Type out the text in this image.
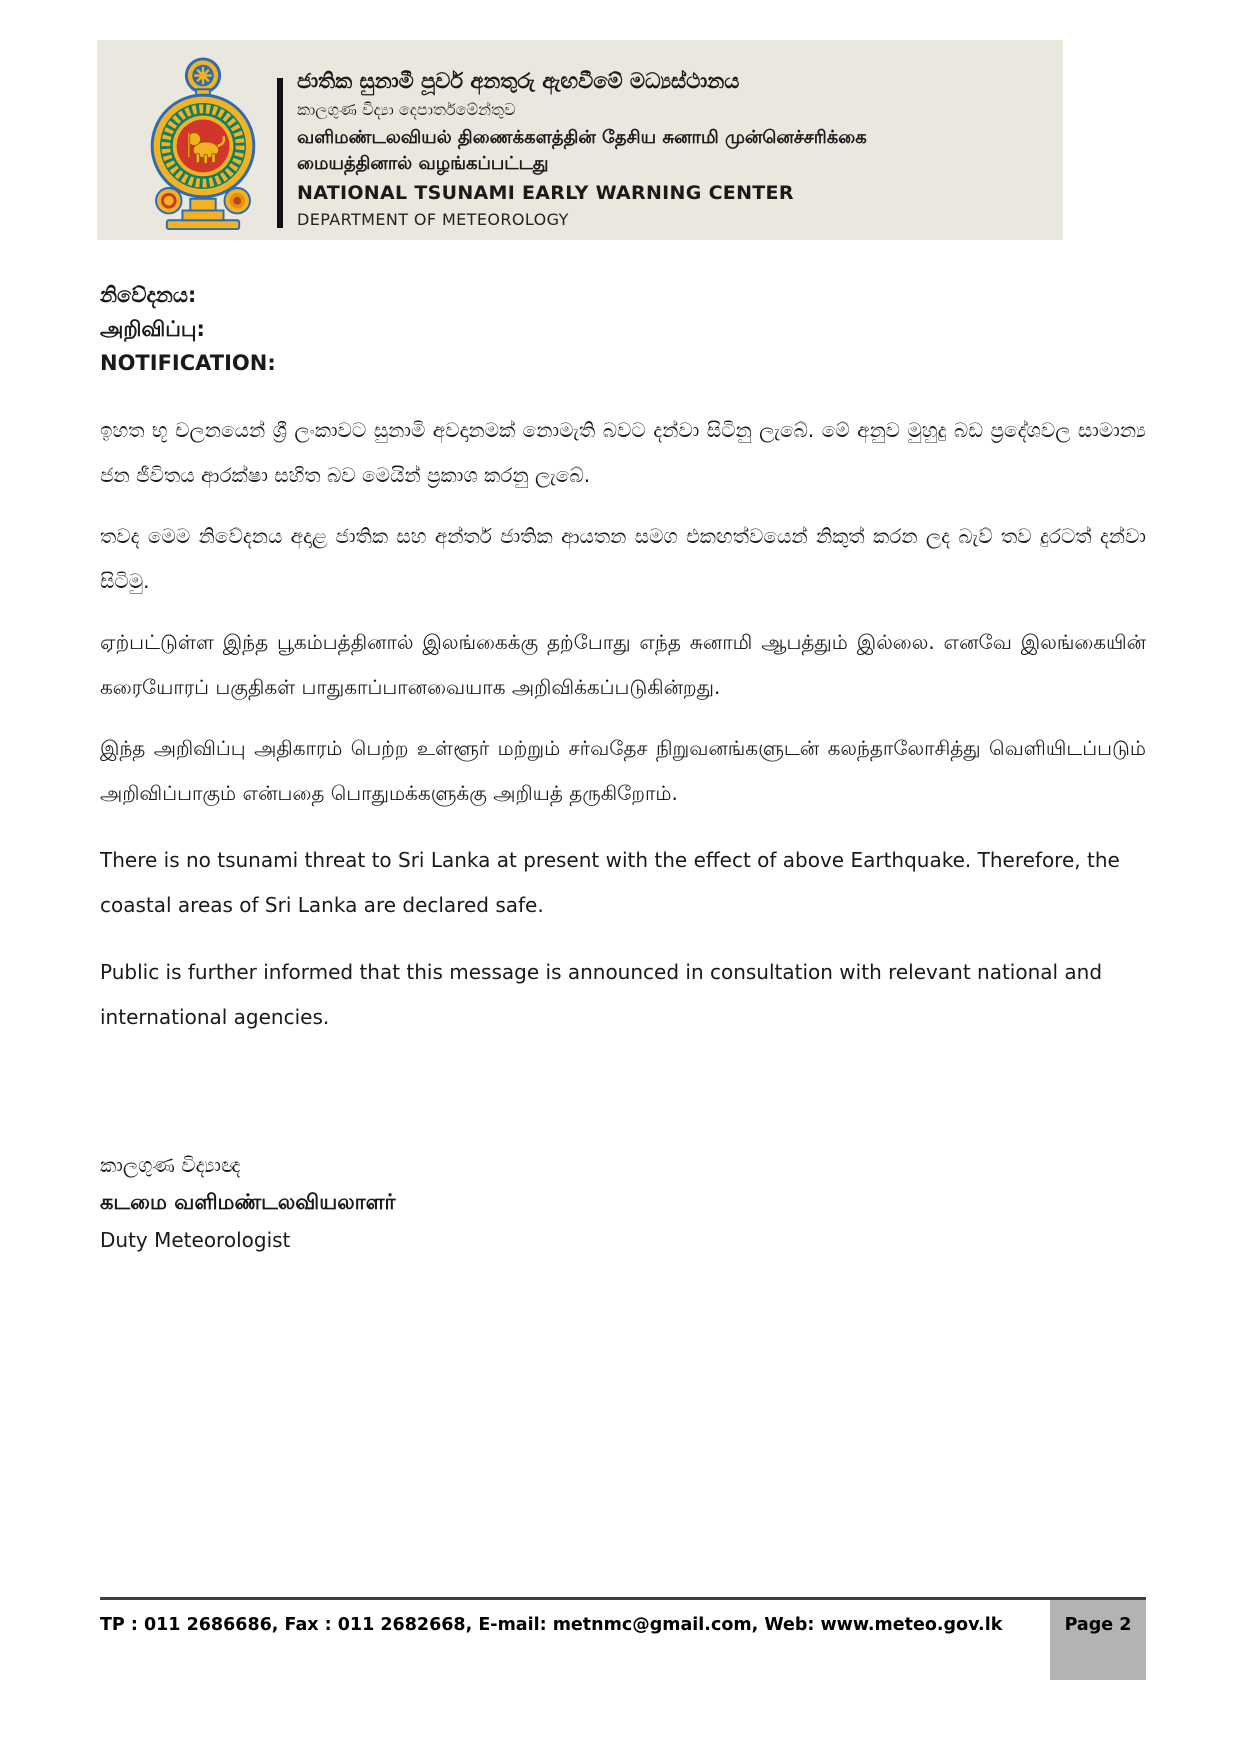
ජාතික සුනාමී පූර්ව අනතුරු ඇඟවීමේ මධ්‍යස්ථානය
කාලගුණ විද්‍යා දෙපාර්තමේන්තුව
வளிமண்டலவியல் திணைக்களத்தின் தேசிய சுனாமி முன்னெச்சரிக்கை
மையத்தினால் வழங்கப்பட்டது
NATIONAL TSUNAMI EARLY WARNING CENTER
DEPARTMENT OF METEOROLOGY
නිවේදනය:
அறிவிப்பு:
NOTIFICATION:

ඉහත භූ චලනයෙන් ශ්‍රී ලංකාවට සුනාමි අවදානමක් නොමැති බවට දන්වා සිටිනු ලැබේ. මේ අනුව මුහුදු බඩ ප්‍රදේශවල සාමාන්‍ය ජන ජීවිතය ආරක්ෂා සහිත බව මෙයින් ප්‍රකාශ කරනු ලැබේ.

තවද මෙම නිවේදනය අදාළ ජාතික සහ අන්තර් ජාතික ආයතන සමග එකඟත්වයෙන් නිකුත් කරන ලද බැව් තව දුරටත් දන්වා සිටිමු.

ஏற்பட்டுள்ள இந்த பூகம்பத்தினால் இலங்கைக்கு தற்போது எந்த சுனாமி ஆபத்தும் இல்லை. எனவே இலங்கையின் கரையோரப் பகுதிகள் பாதுகாப்பானவையாக அறிவிக்கப்படுகின்றது.

இந்த அறிவிப்பு அதிகாரம் பெற்ற உள்ளூர் மற்றும் சர்வதேச நிறுவனங்களுடன் கலந்தாலோசித்து வெளியிடப்படும் அறிவிப்பாகும் என்பதை பொதுமக்களுக்கு அறியத் தருகிறோம்.

There is no tsunami threat to Sri Lanka at present with the effect of above Earthquake. Therefore, the coastal areas of Sri Lanka are declared safe.

Public is further informed that this message is announced in consultation with relevant national and international agencies.

කාලගුණ විද්‍යාඥ
கடமை வளிமண்டலவியலாளர்
Duty Meteorologist
TP : 011 2686686, Fax : 011 2682668, E-mail: metnmc@gmail.com, Web: www.meteo.gov.lk	Page 2
